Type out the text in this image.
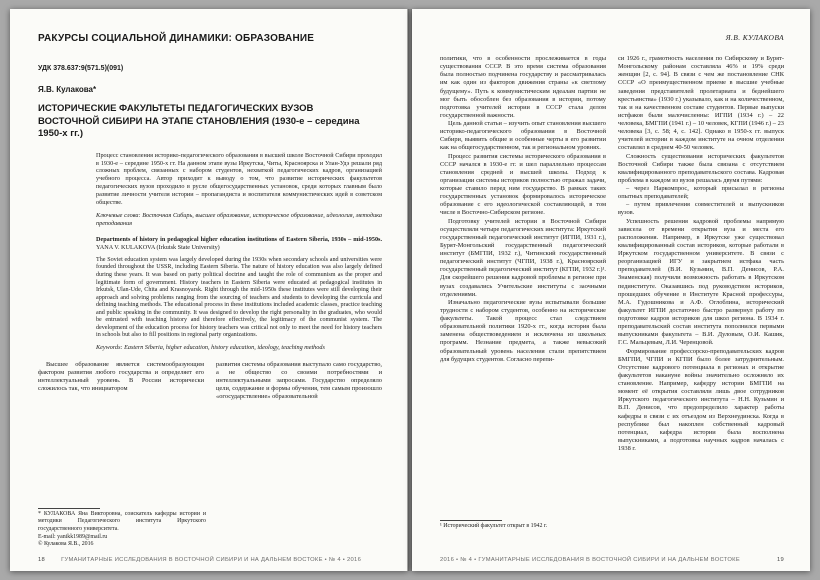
РАКУРСЫ СОЦИАЛЬНОЙ ДИНАМИКИ: ОБРАЗОВАНИЕ
УДК 378.637:9(571.5)(091)
Я.В. Кулакова*
ИСТОРИЧЕСКИЕ ФАКУЛЬТЕТЫ ПЕДАГОГИЧЕСКИХ ВУЗОВ ВОСТОЧНОЙ СИБИРИ НА ЭТАПЕ СТАНОВЛЕНИЯ (1930-е – середина 1950-х гг.)
Процесс становления историко-педагогического образования в высшей школе Восточной Сибири проходил в 1930-е – середине 1950-х гг. На данном этапе вузы Иркутска, Читы, Красноярска и Улан-Удэ решали ряд сложных проблем, связанных с набором студентов, нехваткой педагогических кадров, организацией учебного процесса. Автор приходит к выводу о том, что развитие исторических факультетов педагогических вузов проходило в русле общегосударственных установок, среди которых главным было развитие личности учителя истории – пропагандиста и воспитателя коммунистических идей в советском обществе.
Ключевые слова: Восточная Сибирь, высшее образование, историческое образование, идеология, методика преподавания
Departments of history in pedagogical higher education institutions of Eastern Siberia, 1930s – mid-1950s. YANA V. KULAKOVA (Irkutsk State University)
The Soviet education system was largely developed during the 1930s when secondary schools and universities were founded throughout the USSR, including Eastern Siberia. The nature of history education was also largely defined during these years. It was based on party political doctrine and taught the role of communism as the proper and legitimate form of government. History teachers in Eastern Siberia were educated at pedagogical institutes in Irkutsk, Ulan-Ude, Chita and Krasnoyarsk. Right through the mid-1950s these institutes were still developing their approach and solving problems ranging from the sourcing of teachers and students to developing the curricula and defining teaching methods. The educational process in these institutions included academic classes, practice teaching and public speaking in the community. It was designed to develop the right personality in the graduates, who would be entrusted with teaching history and therefore effectively, the legitimacy of the communist system. The development of the education process for history teachers was critical not only to meet the need for history teachers in schools but also to fill positions in regional party organizations.
Keywords: Eastern Siberia, higher education, history education, ideology, teaching methods

Высшее образование является системообразующим фактором развития любого государства и определяет его интеллектуальный уровень. В России исторически сложилось так, что инициатором

развития системы образования выступало само государство, а не общество со своими потребностями и интеллектуальными запросами. Государство определяло цели, содержание и формы обучения, тем самым произошло «огосударствление» образовательной

* КУЛАКОВА Яна Викторовна, соискатель кафедры истории и методики Педагогического института Иркутского государственного университета.

E-mail: yanikk1989@mail.ru

© Кулакова Я.В., 2016

18	ГУМАНИТАРНЫЕ ИССЛЕДОВАНИЯ В ВОСТОЧНОЙ СИБИРИ И НА ДАЛЬНЕМ ВОСТОКЕ • № 4 • 2016
Я.В. КУЛАКОВА

политики, что в особенности прослеживается в годы существования СССР. В это время система образования была полностью подчинена государству и рассматривалась им как один из факторов движения страны «к светлому будущему». Путь к коммунистическим идеалам партии не мог быть обособлен без образования в истории, потому подготовка учителей истории в СССР стала делом государственной важности.

Цель данной статьи – изучить опыт становления высшего историко-педагогического образования в Восточной Сибири, выявить общие и особенные черты в его развитии как на общегосударственном, так и региональном уровнях.

Процесс развития системы исторического образования в СССР начался в 1930-е гг. и шел параллельно процессам становления средней и высшей школы. Подход к организации системы историков полностью отражал задачи, которые ставило перед ним государство. В рамках таких государственных установок формировалось историческое образование с его идеологической составляющей, в том числе в Восточно-Сибирском регионе.

Подготовку учителей истории в Восточной Сибири осуществляли четыре педагогических института: Иркутский государственный педагогический институт (ИГПИ, 1931 г.), Бурят-Монгольский государственный педагогический институт (БМГПИ, 1932 г.), Читинский государственный педагогический институт (ЧГПИ, 1938 г.), Красноярский государственный педагогический институт (КГПИ, 1932 г.)¹. Для скорейшего решения кадровой проблемы в регионе при вузах создавались Учительские институты с заочными отделениями.

Изначально педагогические вузы испытывали большие трудности с набором студентов, особенно на исторические факультеты. Такой процесс стал следствием образовательной политики 1920-х гг., когда история была заменена обществоведением и исключена из школьных программ. Незнание предмета, а также невысокий образовательный уровень населения стали препятствием для будущих студентов. Согласно перепи-

¹ Исторический факультет открыт в 1942 г.

си 1926 г., грамотность населения по Сибирскому и Бурят-Монгольскому районам составляла 46% и 19% среди женщин [2, с. 94]. В связи с чем же постановление СНК СССР «О преимущественном приеме в высшие учебные заведения представителей пролетариата и беднейшего крестьянства» (1930 г.) указывало, как и на количественном, так и на качественном составе студентов. Первые выпуски истфаков были малочисленны: ИГПИ (1934 г.) – 22 человека, БМГПИ (1941 г.) – 10 человек, КГПИ (1946 г.) – 23 человека [3, с. 58; 4, с. 142]. Однако в 1950-х гг. выпуск учителей истории в каждом институте на очном отделении составлял в среднем 40-50 человек.

Сложность существования исторических факультетов Восточной Сибири также была связана с отсутствием квалифицированного преподавательского состава. Кадровая проблема в каждом из вузов решалась двумя путями:

– через Наркомпрос, который присылал в регионы опытных преподавателей;

– путем привлечения совместителей и выпускников вузов.

Успешность решения кадровой проблемы напрямую зависела от времени открытия вуза и места его расположения. Например, в Иркутске уже существовал квалифицированный состав историков, которые работали в Иркутском государственном университете. В связи с реорганизацией ИГУ и закрытием истфака часть преподавателей (В.И. Кузьмин, В.П. Денисов, Р.А. Знаменская) получили возможность работать в Иркутском пединституте. Оказавшись под руководством историков, прошедших обучение в Институте Красной профессуры, М.А. Гудошникова и А.Ф. Оглоблина, исторический факультет ИГПИ достаточно быстро развернул работу по подготовке кадров историков для школ региона. В 1934 г. преподавательский состав института пополнился первыми выпускниками факультета – В.И. Дуловым, О.И. Кашик, Г.С. Мальцевым, Л.И. Черенцовой.

Формирование профессорско-преподавательских кадров БМГПИ, ЧГПИ и КГПИ было более затруднительным. Отсутствие кадрового потенциала в регионах и открытие факультетов накануне войны значительно осложняло их становление. Например, кафедру истории БМГПИ на момент её открытия составляли лишь двое сотрудников Иркутского педагогического института – Н.Н. Кузьмин и В.П. Денисов, что предопределило характер работы кафедры в связи с их отъездом из Верхнеудинска. Когда в республике был накоплен собственный кадровый потенциал, кафедра истории была восполнена выпускниками, а подготовка научных кадров началась с 1938 г.

2016 • № 4 • ГУМАНИТАРНЫЕ ИССЛЕДОВАНИЯ В ВОСТОЧНОЙ СИБИРИ И НА ДАЛЬНЕМ ВОСТОКЕ	19
